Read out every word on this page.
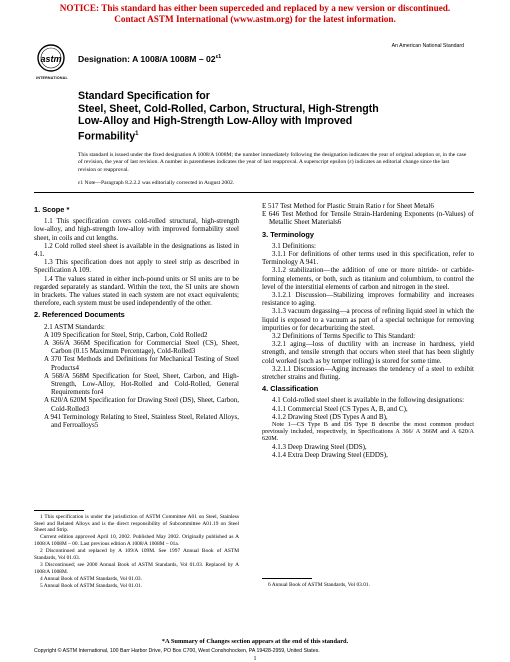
NOTICE: This standard has either been superceded and replaced by a new version or discontinued.
Contact ASTM International (www.astm.org) for the latest information.
astm
INTERNATIONAL
Designation: A 1008/A $1008M - 02^{\varepsilon 1}$
An American National Standard
Standard Specification for
Steel, Sheet, Cold-Rolled, Carbon, Structural, High-Strength
Low-Alloy and High-Strength Low-Alloy with Improved
Formability$^1$
This standard is issued under the fixed designation A 1008/A 1008M; the number immediately following the designation indicates the year of original adoption or, in the case of revision, the year of last revision. A number in parentheses indicates the year of last reapproval. A superscript epsilon (ε) indicates an editorial change since the last revision or reapproval.
ε1 Note—Paragraph 8.2.2.2 was editorially corrected in August 2002.

1. Scope *

1.1 This specification covers cold-rolled structural, high-strength low-alloy, and high-strength low-alloy with improved formability steel sheet, in coils and cut lengths.

1.2 Cold rolled steel sheet is available in the designations as listed in 4.1.

1.3 This specification does not apply to steel strip as described in Specification A 109.

1.4 The values stated in either inch-pound units or SI units are to be regarded separately as standard. Within the text, the SI units are shown in brackets. The values stated in each system are not exact equivalents; therefore, each system must be used independently of the other.

2. Referenced Documents

2.1 ASTM Standards:

A 109 Specification for Steel, Strip, Carbon, Cold Rolled2
A 366/A 366M Specification for Commercial Steel (CS), Sheet, Carbon (0.15 Maximum Percentage), Cold-Rolled3
A 370 Test Methods and Definitions for Mechanical Testing of Steel Products4
A 568/A 568M Specification for Steel, Sheet, Carbon, and High-Strength, Low-Alloy, Hot-Rolled and Cold-Rolled, General Requirements for4
A 620/A 620M Specification for Drawing Steel (DS), Sheet, Carbon, Cold-Rolled3
A 941 Terminology Relating to Steel, Stainless Steel, Related Alloys, and Ferroalloys5

1 This specification is under the jurisdiction of ASTM Committee A01 on Steel, Stainless Steel and Related Alloys and is the direct responsibility of Subcommittee A01.19 on Steel Sheet and Strip.

Current edition approved April 10, 2002. Published May 2002. Originally published as A 1008/A 1008M – 00. Last previous edition A 1008/A 1008M – 01a.

2 Discontinued and replaced by A 109/A 109M. See 1997 Annual Book of ASTM Standards, Vol 01.03.

3 Discontinued; see 2000 Annual Book of ASTM Standards, Vol 01.03. Replaced by A 1008/A 1008M.

4 Annual Book of ASTM Standards, Vol 01.03.

5 Annual Book of ASTM Standards, Vol 01.01.

E 517 Test Method for Plastic Strain Ratio r for Sheet Metal6
E 646 Test Method for Tensile Strain-Hardening Exponents (n-Values) of Metallic Sheet Materials6

3. Terminology

3.1 Definitions:

3.1.1 For definitions of other terms used in this specification, refer to Terminology A 941.

3.1.2 stabilization—the addition of one or more nitride- or carbide-forming elements, or both, such as titanium and columbium, to control the level of the interstitial elements of carbon and nitrogen in the steel.

3.1.2.1 Discussion—Stabilizing improves formability and increases resistance to aging.

3.1.3 vacuum degassing—a process of refining liquid steel in which the liquid is exposed to a vacuum as part of a special technique for removing impurities or for decarburizing the steel.

3.2 Definitions of Terms Specific to This Standard:

3.2.1 aging—loss of ductility with an increase in hardness, yield strength, and tensile strength that occurs when steel that has been slightly cold worked (such as by temper rolling) is stored for some time.

3.2.1.1 Discussion—Aging increases the tendency of a steel to exhibit stretcher strains and fluting.

4. Classification

4.1 Cold-rolled steel sheet is available in the following designations:

4.1.1 Commercial Steel (CS Types A, B, and C),

4.1.2 Drawing Steel (DS Types A and B),

Note 1—CS Type B and DS Type B describe the most common product previously included, respectively, in Specifications A 366/ A 366M and A 620/A 620M.

4.1.3 Deep Drawing Steel (DDS),

4.1.4 Extra Deep Drawing Steel (EDDS),

6 Annual Book of ASTM Standards, Vol 03.01.
*A Summary of Changes section appears at the end of this standard.
Copyright © ASTM International, 100 Barr Harbor Drive, PO Box C700, West Conshohocken, PA 19428-2959, United States.
1
